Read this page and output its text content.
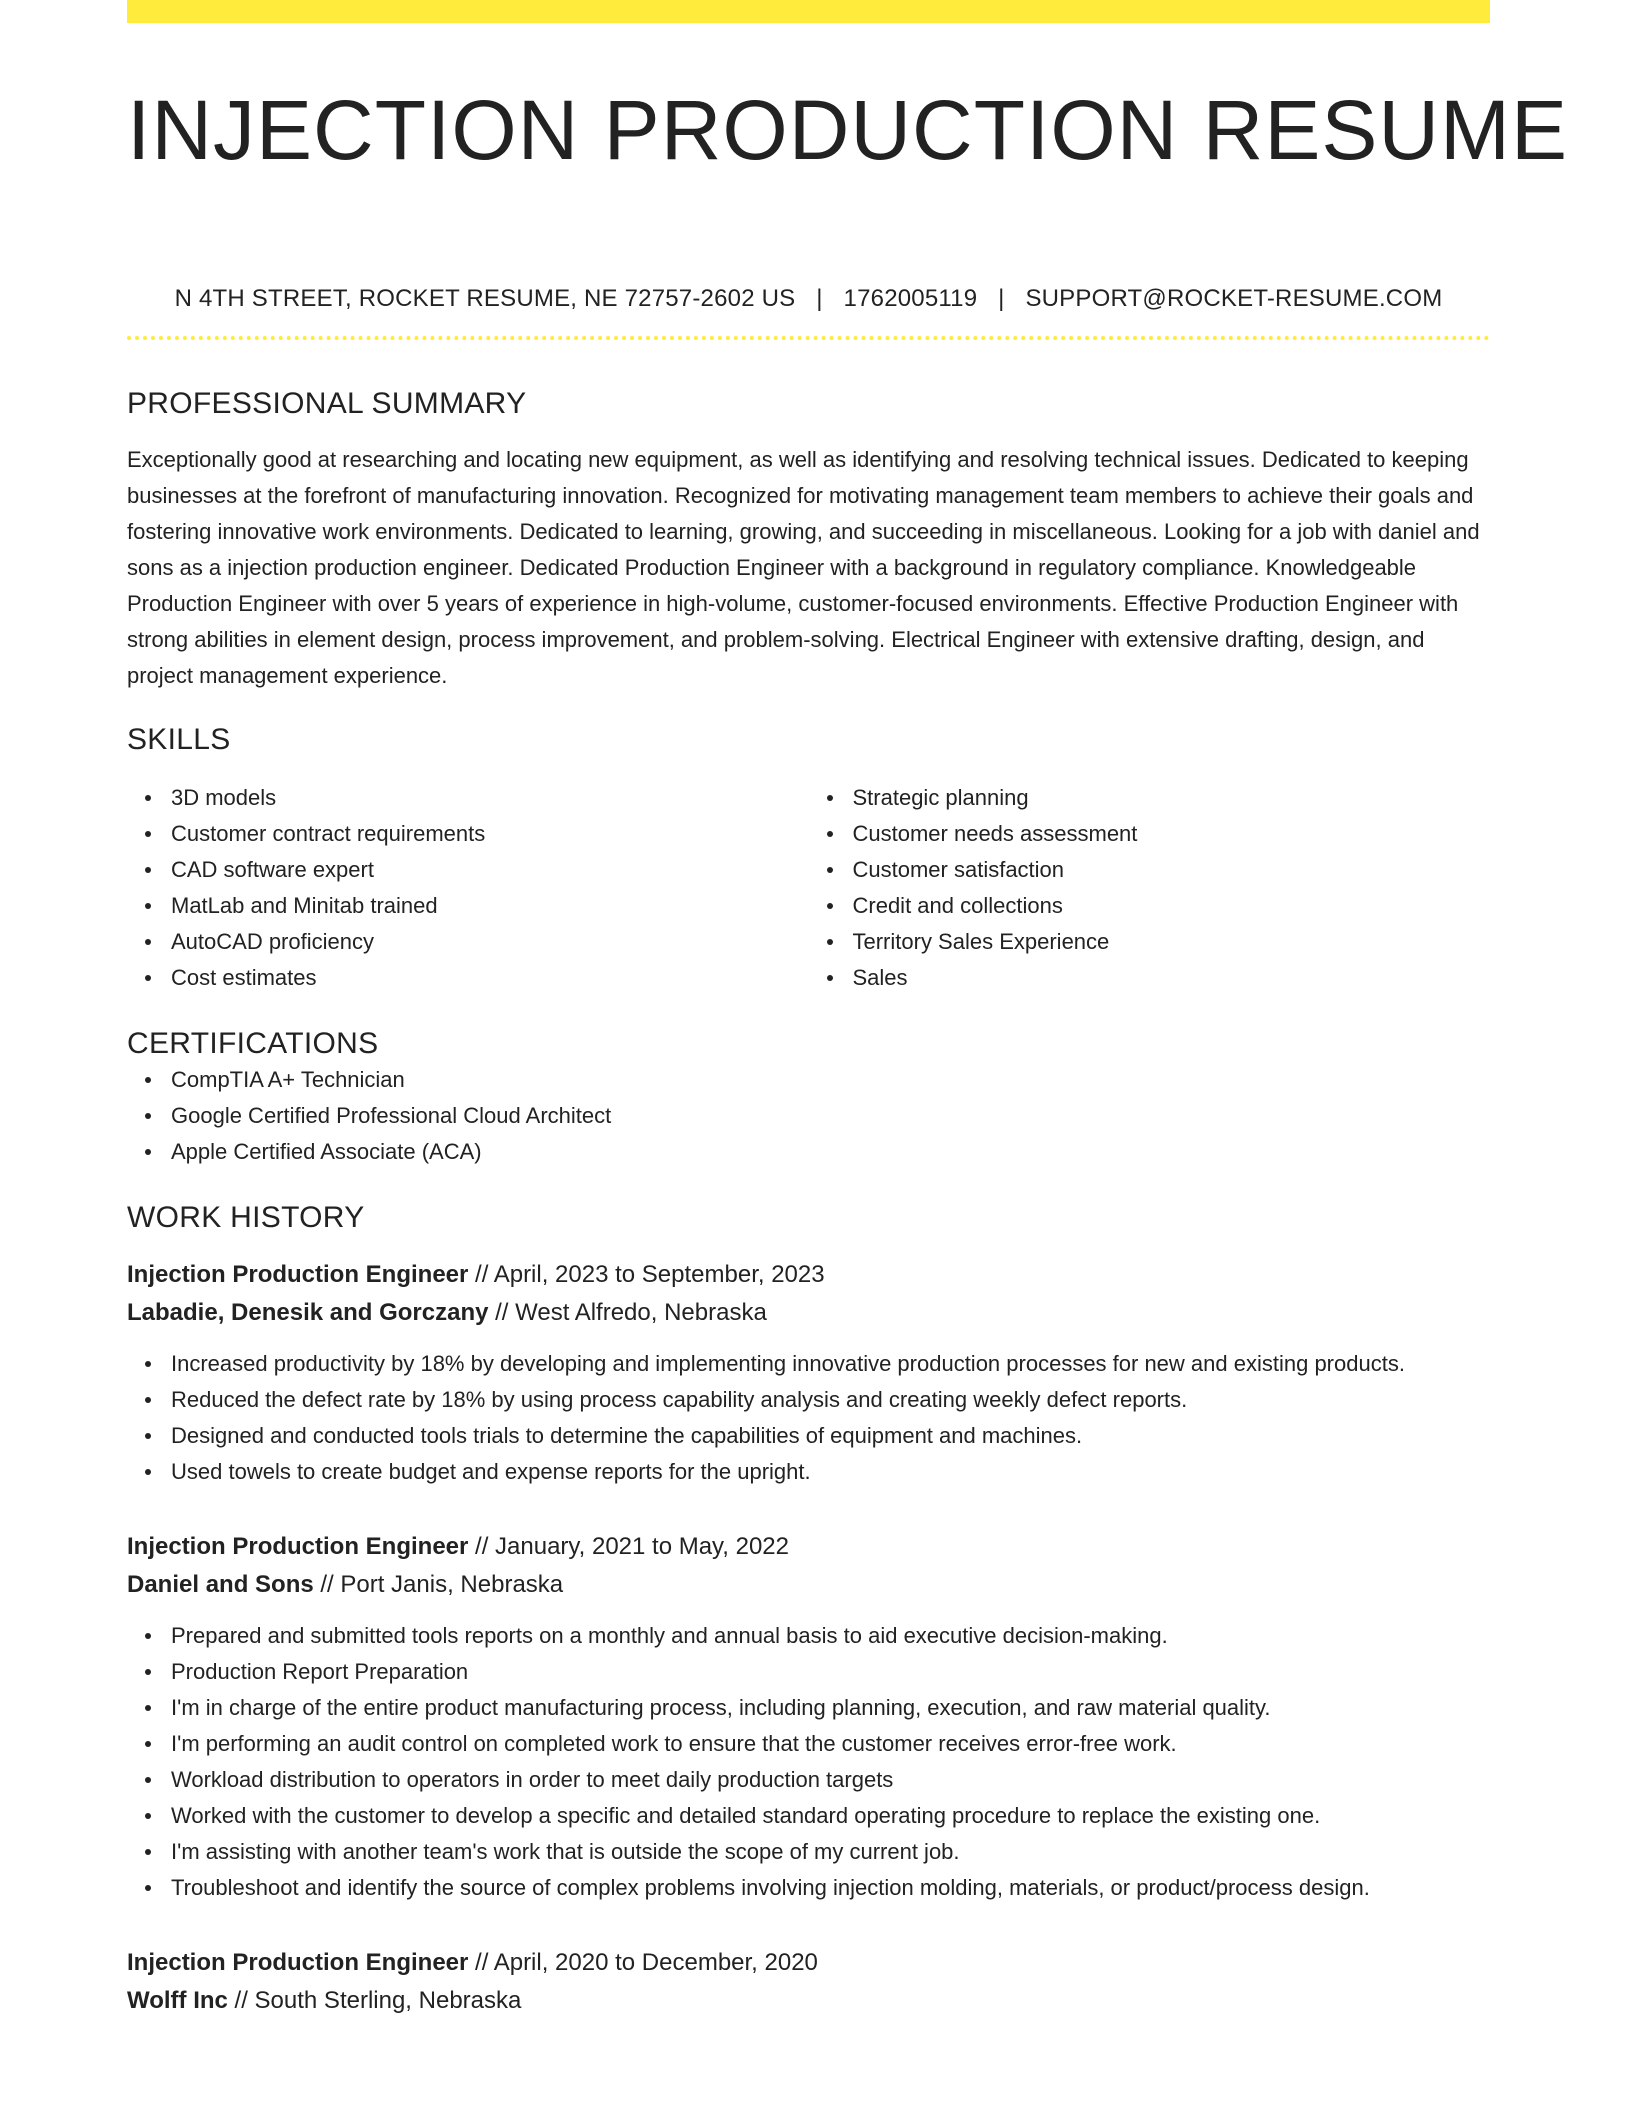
INJECTION PRODUCTION RESUME
N 4TH STREET, ROCKET RESUME, NE 72757-2602 US | 1762005119 | SUPPORT@ROCKET-RESUME.COM
PROFESSIONAL SUMMARY

Exceptionally good at researching and locating new equipment, as well as identifying and resolving technical issues. Dedicated to keeping businesses at the forefront of manufacturing innovation. Recognized for motivating management team members to achieve their goals and fostering innovative work environments. Dedicated to learning, growing, and succeeding in miscellaneous. Looking for a job with daniel and sons as a injection production engineer. Dedicated Production Engineer with a background in regulatory compliance. Knowledgeable Production Engineer with over 5 years of experience in high-volume, customer-focused environments. Effective Production Engineer with strong abilities in element design, process improvement, and problem-solving. Electrical Engineer with extensive drafting, design, and project management experience.

SKILLS
3D models
Customer contract requirements
CAD software expert
MatLab and Minitab trained
AutoCAD proficiency
Cost estimates
Strategic planning
Customer needs assessment
Customer satisfaction
Credit and collections
Territory Sales Experience
Sales
CERTIFICATIONS
CompTIA A+ Technician
Google Certified Professional Cloud Architect
Apple Certified Associate (ACA)
WORK HISTORY
Injection Production Engineer // April, 2023 to September, 2023
Labadie, Denesik and Gorczany // West Alfredo, Nebraska
Increased productivity by 18% by developing and implementing innovative production processes for new and existing products.
Reduced the defect rate by 18% by using process capability analysis and creating weekly defect reports.
Designed and conducted tools trials to determine the capabilities of equipment and machines.
Used towels to create budget and expense reports for the upright.
Injection Production Engineer // January, 2021 to May, 2022
Daniel and Sons // Port Janis, Nebraska
Prepared and submitted tools reports on a monthly and annual basis to aid executive decision-making.
Production Report Preparation
I'm in charge of the entire product manufacturing process, including planning, execution, and raw material quality.
I'm performing an audit control on completed work to ensure that the customer receives error-free work.
Workload distribution to operators in order to meet daily production targets
Worked with the customer to develop a specific and detailed standard operating procedure to replace the existing one.
I'm assisting with another team's work that is outside the scope of my current job.
Troubleshoot and identify the source of complex problems involving injection molding, materials, or product/process design.
Injection Production Engineer // April, 2020 to December, 2020
Wolff Inc // South Sterling, Nebraska
